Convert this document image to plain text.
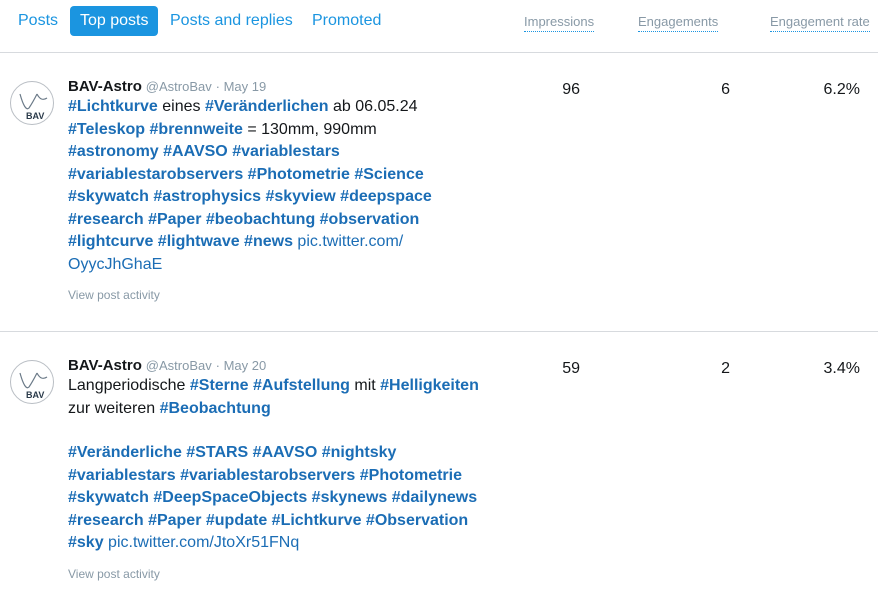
Posts	Top posts	Posts and replies Promoted	Impressions	Engagements	Engagement rate
BAV
BAV-Astro @AstroBav · May 19
#Lichtkurve eines #Veränderlichen ab 06.05.24
#Teleskop #brennweite = 130mm, 990mm
#astronomy #AAVSO #variablestars
#variablestarobservers #Photometrie #Science
#skywatch #astrophysics #skyview #deepspace
#research #Paper #beobachtung #observation
#lightcurve #lightwave #news pic.twitter.com/
OyycJhGhaE
View post activity
96	6	6.2%
BAV
BAV-Astro @AstroBav · May 20
Langperiodische #Sterne #Aufstellung mit #Helligkeiten
zur weiteren #Beobachtung
#Veränderliche #STARS #AAVSO #nightsky
#variablestars #variablestarobservers #Photometrie
#skywatch #DeepSpaceObjects #skynews #dailynews
#research #Paper #update #Lichtkurve #Observation
#sky pic.twitter.com/JtoXr51FNq
View post activity
59	2	3.4%
